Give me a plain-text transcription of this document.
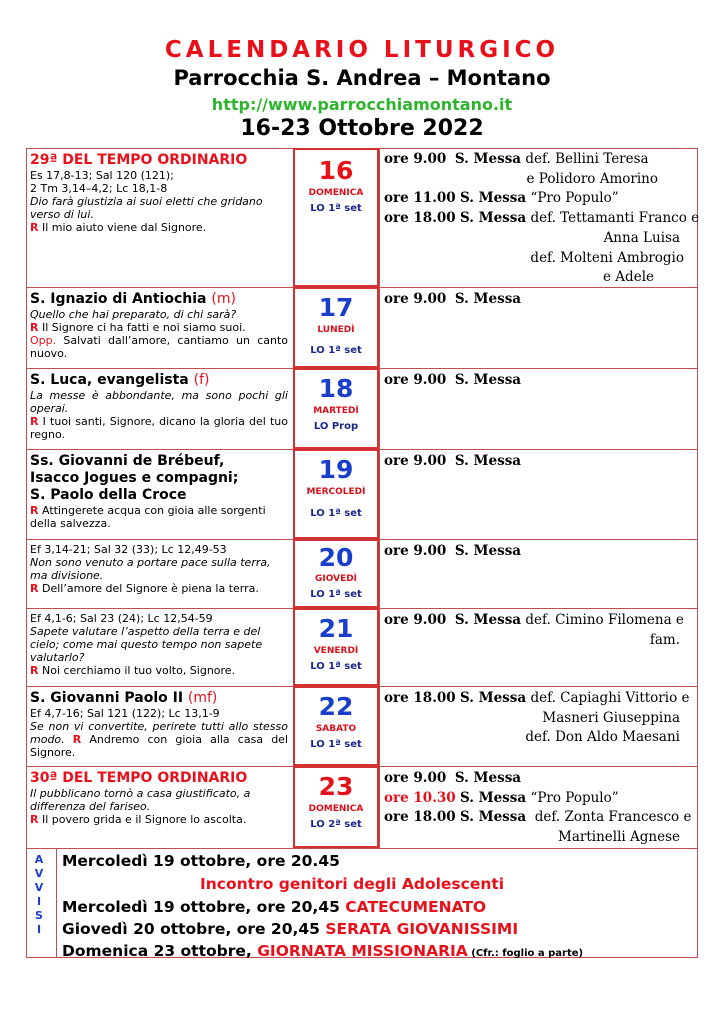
CALENDARIO LITURGICO
Parrocchia S. Andrea – Montano
http://www.parrocchiamontano.it
16-23 Ottobre 2022
29ª DEL TEMPO ORDINARIO
Es 17,8-13; Sal 120 (121);
2 Tm 3,14–4,2; Lc 18,1-8
Dio farà giustizia ai suoi eletti che gridano verso di lui.
R Il mio aiuto viene dal Signore.
16
DOMENICA
LO 1ª set
ore 9.00 S. Messa def. Bellini Teresa
e Polidoro Amorino
ore 11.00 S. Messa “Pro Populo”
ore 18.00 S. Messa def. Tettamanti Franco e
Anna Luisa
def. Molteni Ambrogio
e Adele
S. Ignazio di Antiochia (m)
Quello che hai preparato, di chi sarà?
R Il Signore ci ha fatti e noi siamo suoi.
Opp. Salvati dall’amore, cantiamo un canto nuovo.
17
LUNEDÌ
LO 1ª set
ore 9.00 S. Messa
S. Luca, evangelista (f)
La messe è abbondante, ma sono pochi gli operai.
R I tuoi santi, Signore, dicano la gloria del tuo regno.
18
MARTEDÌ
LO Prop
ore 9.00 S. Messa
Ss. Giovanni de Brébeuf,
Isacco Jogues e compagni;
S. Paolo della Croce
R Attingerete acqua con gioia alle sorgenti della salvezza.
19
MERCOLEDÌ
LO 1ª set
ore 9.00 S. Messa
Ef 3,14-21; Sal 32 (33); Lc 12,49-53
Non sono venuto a portare pace sulla terra, ma divisione.
R Dell’amore del Signore è piena la terra.
20
GIOVEDÌ
LO 1ª set
ore 9.00 S. Messa
Ef 4,1-6; Sal 23 (24); Lc 12,54-59
Sapete valutare l’aspetto della terra e del cielo; come mai questo tempo non sapete valutarlo?
R Noi cerchiamo il tuo volto, Signore.
21
VENERDÌ
LO 1ª set
ore 9.00 S. Messa def. Cimino Filomena e
fam.
S. Giovanni Paolo II (mf)
Ef 4,7-16; Sal 121 (122); Lc 13,1-9
Se non vi convertite, perirete tutti allo stesso modo. R Andremo con gioia alla casa del Signore.
22
SABATO
LO 1ª set
ore 18.00 S. Messa def. Capiaghi Vittorio e
Masneri Giuseppina
def. Don Aldo Maesani
30ª DEL TEMPO ORDINARIO
Il pubblicano tornò a casa giustificato, a differenza del fariseo.
R Il povero grida e il Signore lo ascolta.
23
DOMENICA
LO 2ª set
ore 9.00 S. Messa
ore 10.30 S. Messa “Pro Populo”
ore 18.00 S. Messa def. Zonta Francesco e
Martinelli Agnese
A
V
V
I
S
I
Mercoledì 19 ottobre, ore 20.45
Incontro genitori degli Adolescenti
Mercoledì 19 ottobre, ore 20,45 CATECUMENATO
Giovedì 20 ottobre, ore 20,45 SERATA GIOVANISSIMI
Domenica 23 ottobre, GIORNATA MISSIONARIA (Cfr.: foglio a parte)
